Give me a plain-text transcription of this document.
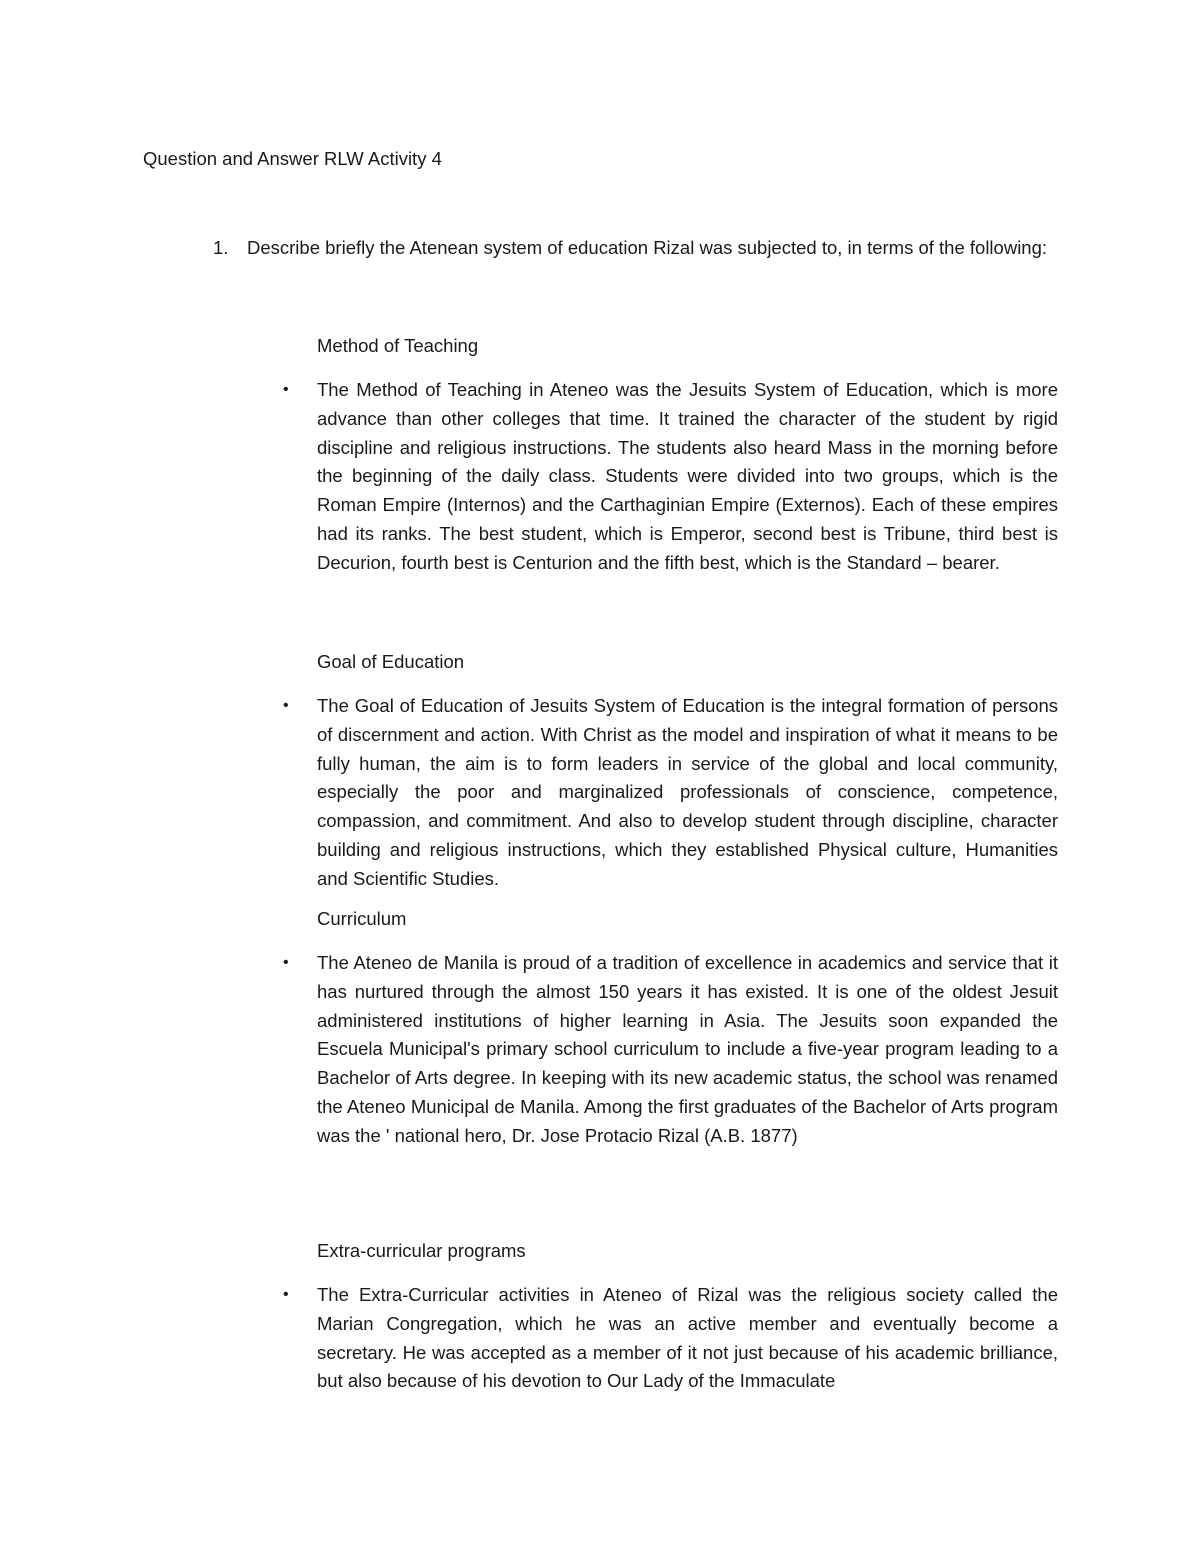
Question and Answer RLW Activity 4
1. Describe briefly the Atenean system of education Rizal was subjected to, in terms of the following:
Method of Teaching

• The Method of Teaching in Ateneo was the Jesuits System of Education, which is more advance than other colleges that time. It trained the character of the student by rigid discipline and religious instructions. The students also heard Mass in the morning before the beginning of the daily class. Students were divided into two groups, which is the Roman Empire (Internos) and the Carthaginian Empire (Externos). Each of these empires had its ranks. The best student, which is Emperor, second best is Tribune, third best is Decurion, fourth best is Centurion and the fifth best, which is the Standard – bearer.

Goal of Education

• The Goal of Education of Jesuits System of Education is the integral formation of persons of discernment and action. With Christ as the model and inspiration of what it means to be fully human, the aim is to form leaders in service of the global and local community, especially the poor and marginalized professionals of conscience, competence, compassion, and commitment. And also to develop student through discipline, character building and religious instructions, which they established Physical culture, Humanities and Scientific Studies.

Curriculum

• The Ateneo de Manila is proud of a tradition of excellence in academics and service that it has nurtured through the almost 150 years it has existed. It is one of the oldest Jesuit administered institutions of higher learning in Asia. The Jesuits soon expanded the Escuela Municipal's primary school curriculum to include a five-year program leading to a Bachelor of Arts degree. In keeping with its new academic status, the school was renamed the Ateneo Municipal de Manila. Among the first graduates of the Bachelor of Arts program was the ' national hero, Dr. Jose Protacio Rizal (A.B. 1877)

Extra-curricular programs

• The Extra-Curricular activities in Ateneo of Rizal was the religious society called the Marian Congregation, which he was an active member and eventually become a secretary. He was accepted as a member of it not just because of his academic brilliance, but also because of his devotion to Our Lady of the Immaculate
